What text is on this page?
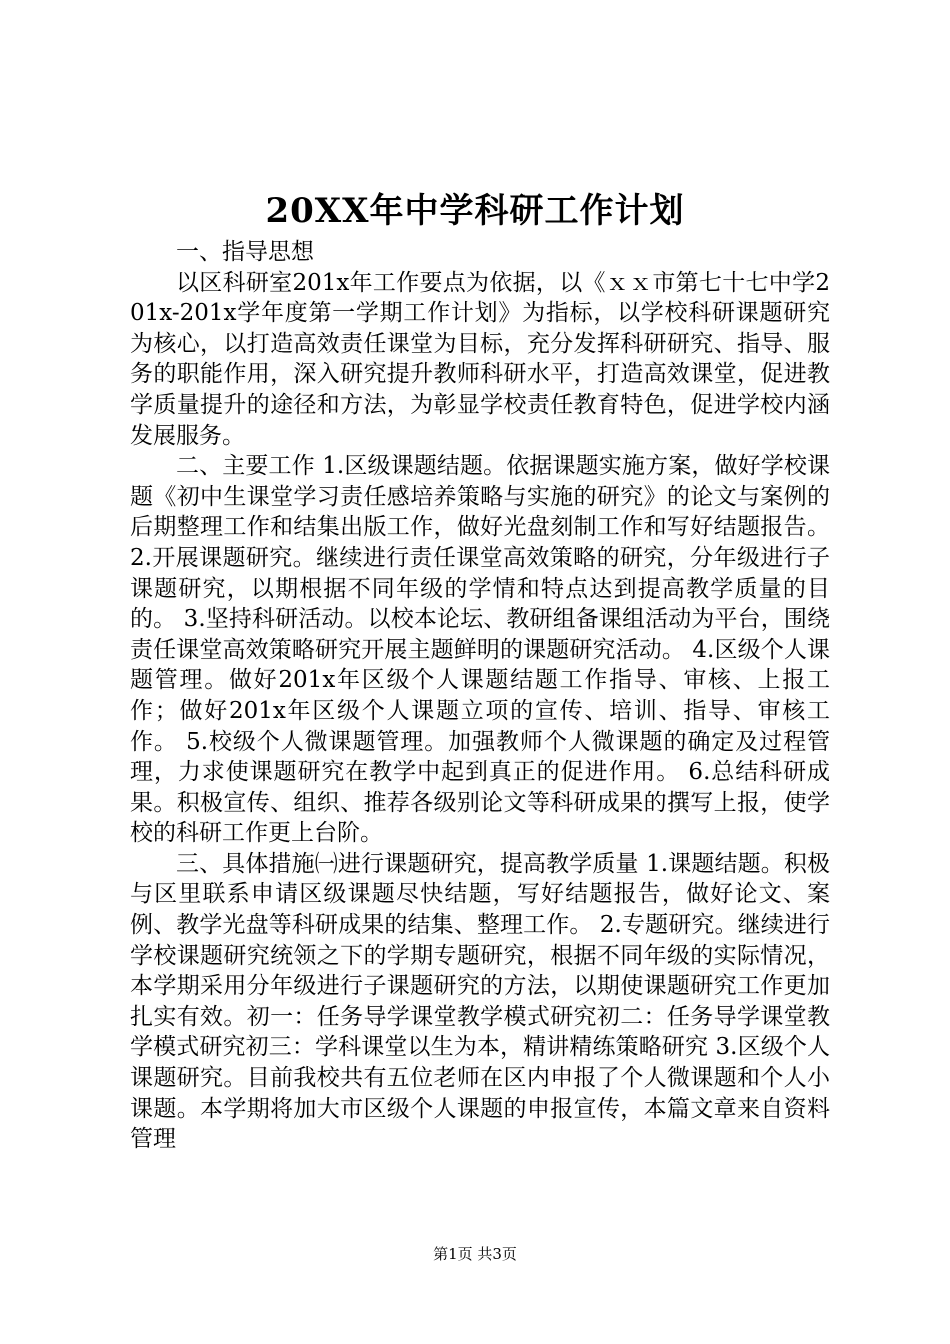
20XX年中学科研工作计划

一、指导思想

以区科研室201x年工作要点为依据，以《ｘｘ市第七十七中学201x-201x学年度第一学期工作计划》为指标，以学校科研课题研究为核心，以打造高效责任课堂为目标，充分发挥科研研究、指导、服务的职能作用，深入研究提升教师科研水平，打造高效课堂，促进教学质量提升的途径和方法，为彰显学校责任教育特色，促进学校内涵发展服务。

二、主要工作 1.区级课题结题。依据课题实施方案，做好学校课题《初中生课堂学习责任感培养策略与实施的研究》的论文与案例的后期整理工作和结集出版工作，做好光盘刻制工作和写好结题报告。 2.开展课题研究。继续进行责任课堂高效策略的研究，分年级进行子课题研究，以期根据不同年级的学情和特点达到提高教学质量的目的。 3.坚持科研活动。以校本论坛、教研组备课组活动为平台，围绕责任课堂高效策略研究开展主题鲜明的课题研究活动。 4.区级个人课题管理。做好201x年区级个人课题结题工作指导、审核、上报工作；做好201x年区级个人课题立项的宣传、培训、指导、审核工作。 5.校级个人微课题管理。加强教师个人微课题的确定及过程管理，力求使课题研究在教学中起到真正的促进作用。 6.总结科研成果。积极宣传、组织、推荐各级别论文等科研成果的撰写上报，使学校的科研工作更上台阶。

三、具体措施㈠进行课题研究，提高教学质量 1.课题结题。积极与区里联系申请区级课题尽快结题，写好结题报告，做好论文、案例、教学光盘等科研成果的结集、整理工作。 2.专题研究。继续进行学校课题研究统领之下的学期专题研究，根据不同年级的实际情况，本学期采用分年级进行子课题研究的方法，以期使课题研究工作更加扎实有效。初一：任务导学课堂教学模式研究初二：任务导学课堂教学模式研究初三：学科课堂以生为本，精讲精练策略研究 3.区级个人课题研究。目前我校共有五位老师在区内申报了个人微课题和个人小课题。本学期将加大市区级个人课题的申报宣传，本篇文章来自资料管理

第1页 共3页
